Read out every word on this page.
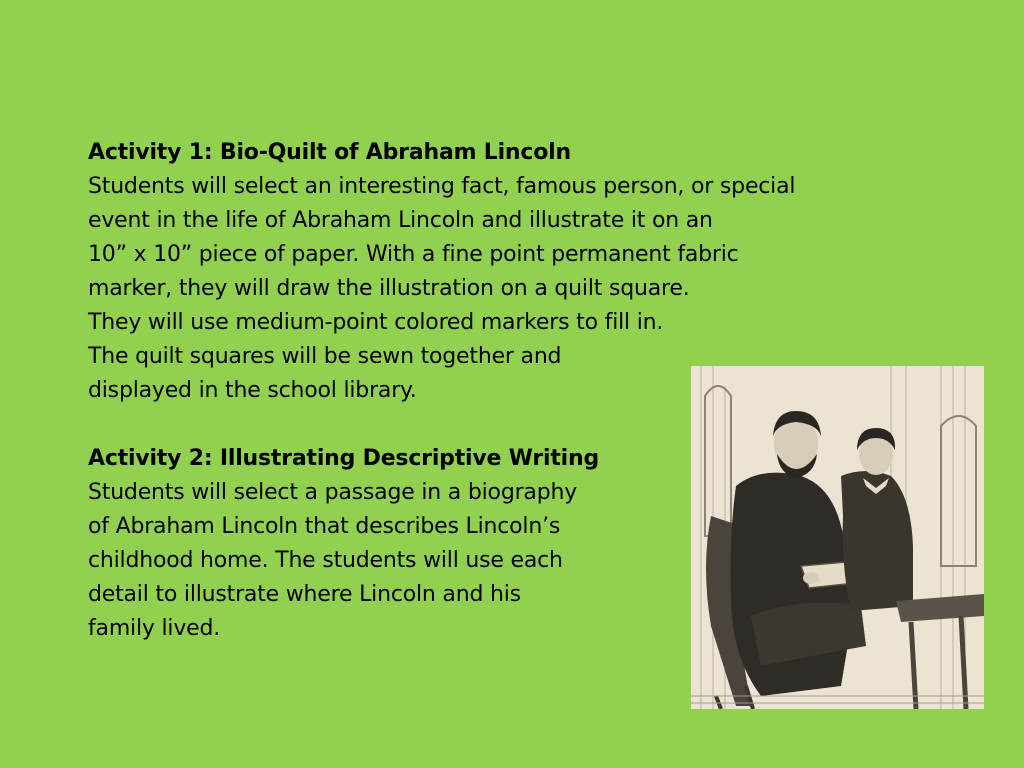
Activity 1: Bio-Quilt of Abraham Lincoln
Students will select an interesting fact, famous person, or special
event in the life of Abraham Lincoln and illustrate it on an
10” x 10” piece of paper. With a fine point permanent fabric
marker, they will draw the illustration on a quilt square.
They will use medium-point colored markers to fill in.
The quilt squares will be sewn together and
displayed in the school library.
Activity 2: Illustrating Descriptive Writing
Students will select a passage in a biography
of Abraham Lincoln that describes Lincoln’s
childhood home. The students will use each
detail to illustrate where Lincoln and his
family lived.
